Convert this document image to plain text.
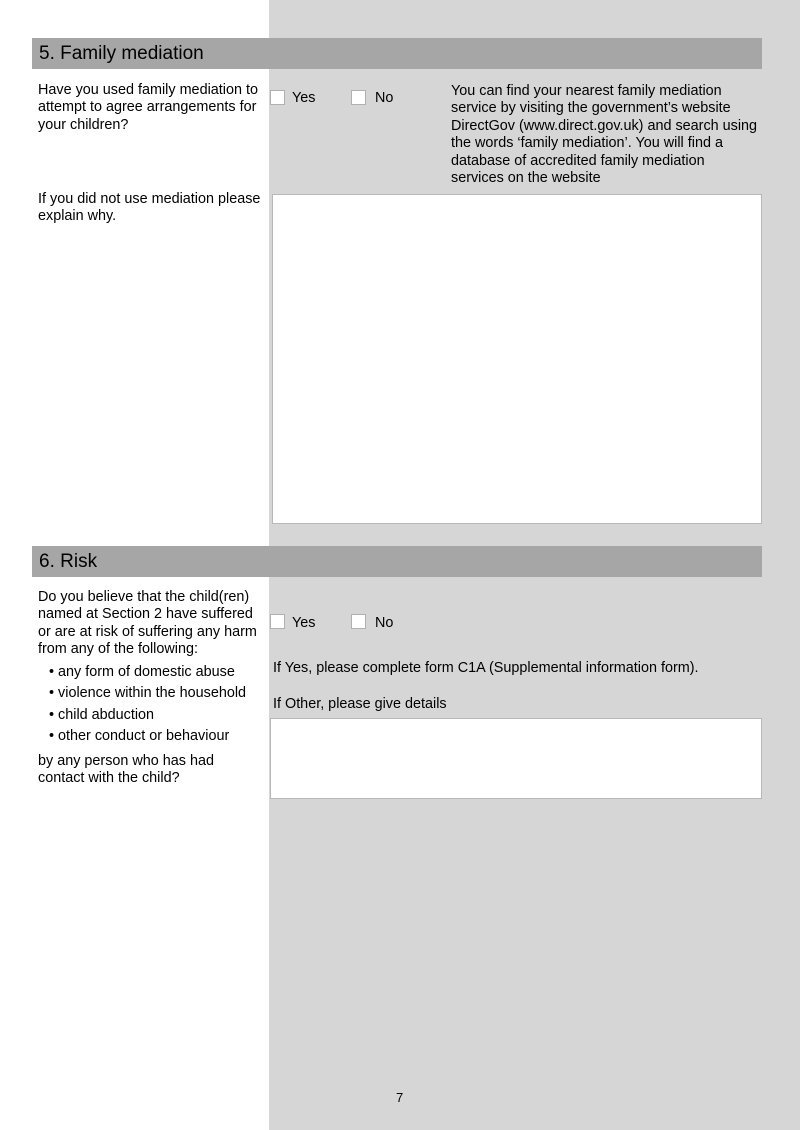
5. Family mediation
Have you used family mediation to attempt to agree arrangements for your children?
Yes	No	You can find your nearest family mediation service by visiting the government’s website DirectGov (www.direct.gov.uk) and search using the words ‘family mediation’. You will find a database of accredited family mediation services on the website
If you did not use mediation please explain why.
6. Risk
Do you believe that the child(ren) named at Section 2 have suffered or are at risk of suffering any harm from any of the following:
• any form of domestic abuse
• violence within the household
• child abduction
• other conduct or behaviour
by any person who has had contact with the child?
Yes	No
If Yes, please complete form C1A (Supplemental information form).
If Other, please give details
7
